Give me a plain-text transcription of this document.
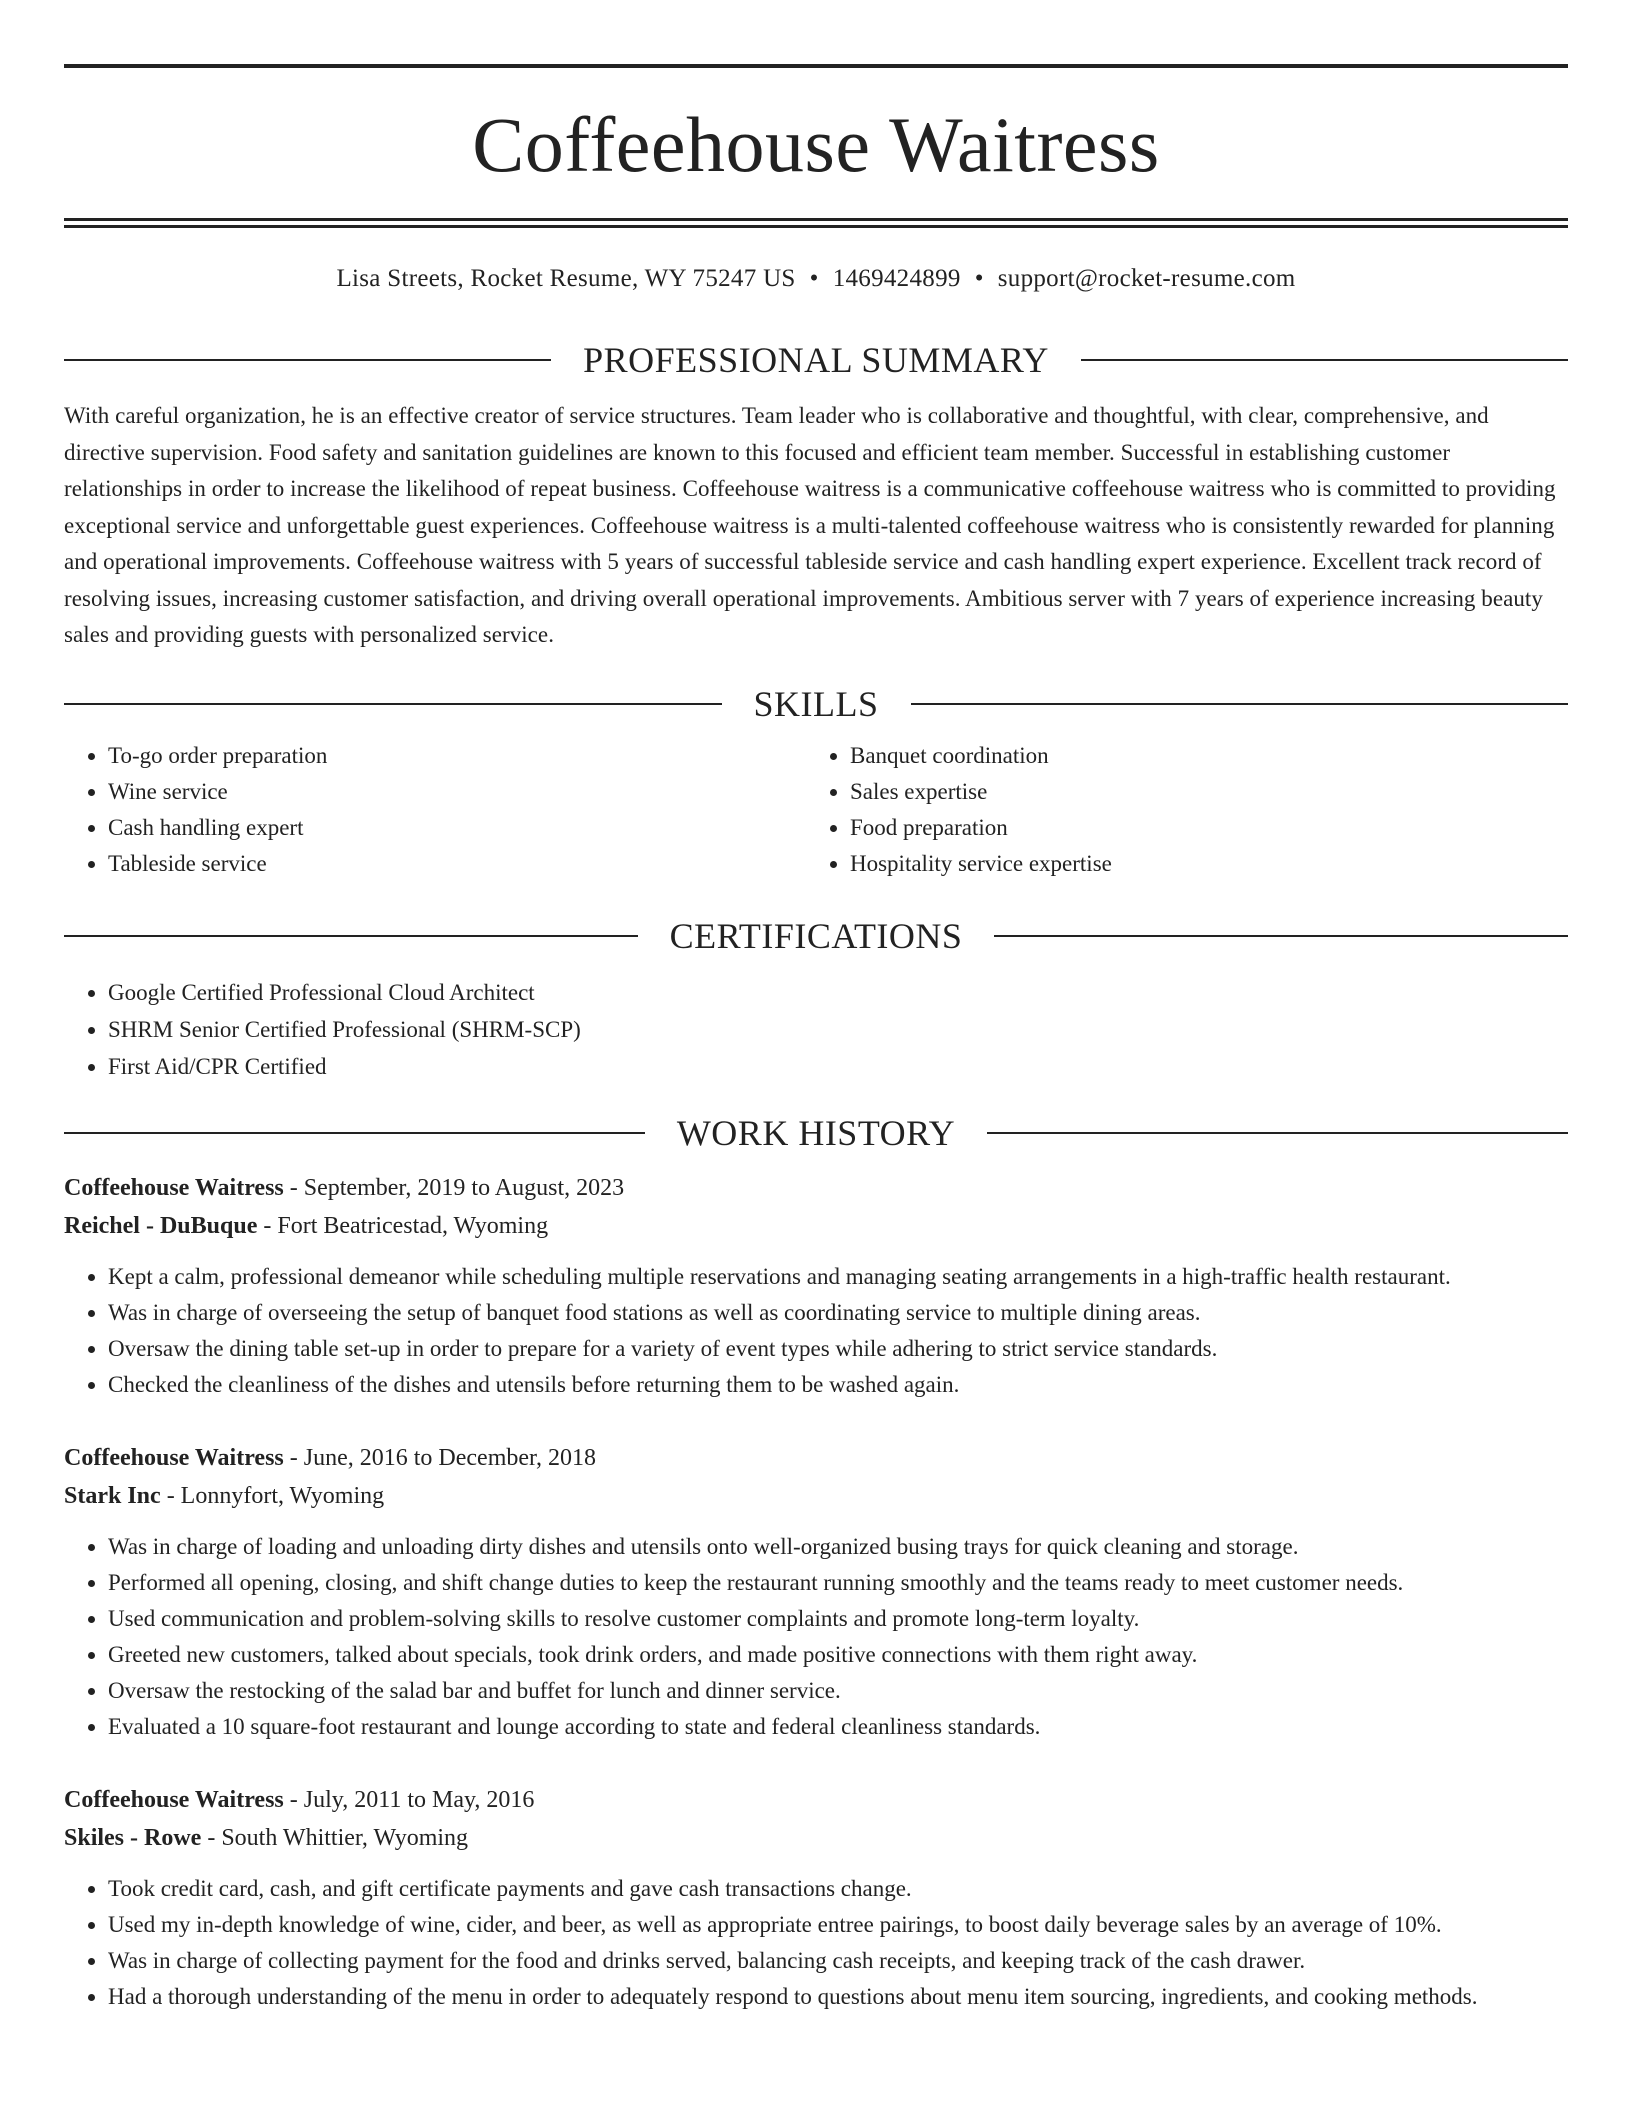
Coffeehouse Waitress
Lisa Streets, Rocket Resume, WY 75247 US • 1469424899 • support@rocket-resume.com
PROFESSIONAL SUMMARY

With careful organization, he is an effective creator of service structures. Team leader who is collaborative and thoughtful, with clear, comprehensive, and directive supervision. Food safety and sanitation guidelines are known to this focused and efficient team member. Successful in establishing customer relationships in order to increase the likelihood of repeat business. Coffeehouse waitress is a communicative coffeehouse waitress who is committed to providing exceptional service and unforgettable guest experiences. Coffeehouse waitress is a multi-talented coffeehouse waitress who is consistently rewarded for planning and operational improvements. Coffeehouse waitress with 5 years of successful tableside service and cash handling expert experience. Excellent track record of resolving issues, increasing customer satisfaction, and driving overall operational improvements. Ambitious server with 7 years of experience increasing beauty sales and providing guests with personalized service.

SKILLS
• To-go order preparation
• Wine service
• Cash handling expert
• Tableside service
• Banquet coordination
• Sales expertise
• Food preparation
• Hospitality service expertise
CERTIFICATIONS
• Google Certified Professional Cloud Architect
• SHRM Senior Certified Professional (SHRM-SCP)
• First Aid/CPR Certified
WORK HISTORY
Coffeehouse Waitress - September, 2019 to August, 2023
Reichel - DuBuque - Fort Beatricestad, Wyoming
• Kept a calm, professional demeanor while scheduling multiple reservations and managing seating arrangements in a high-traffic health restaurant.
• Was in charge of overseeing the setup of banquet food stations as well as coordinating service to multiple dining areas.
• Oversaw the dining table set-up in order to prepare for a variety of event types while adhering to strict service standards.
• Checked the cleanliness of the dishes and utensils before returning them to be washed again.
Coffeehouse Waitress - June, 2016 to December, 2018
Stark Inc - Lonnyfort, Wyoming
• Was in charge of loading and unloading dirty dishes and utensils onto well-organized busing trays for quick cleaning and storage.
• Performed all opening, closing, and shift change duties to keep the restaurant running smoothly and the teams ready to meet customer needs.
• Used communication and problem-solving skills to resolve customer complaints and promote long-term loyalty.
• Greeted new customers, talked about specials, took drink orders, and made positive connections with them right away.
• Oversaw the restocking of the salad bar and buffet for lunch and dinner service.
• Evaluated a 10 square-foot restaurant and lounge according to state and federal cleanliness standards.
Coffeehouse Waitress - July, 2011 to May, 2016
Skiles - Rowe - South Whittier, Wyoming
• Took credit card, cash, and gift certificate payments and gave cash transactions change.
• Used my in-depth knowledge of wine, cider, and beer, as well as appropriate entree pairings, to boost daily beverage sales by an average of 10%.
• Was in charge of collecting payment for the food and drinks served, balancing cash receipts, and keeping track of the cash drawer.
• Had a thorough understanding of the menu in order to adequately respond to questions about menu item sourcing, ingredients, and cooking methods.
